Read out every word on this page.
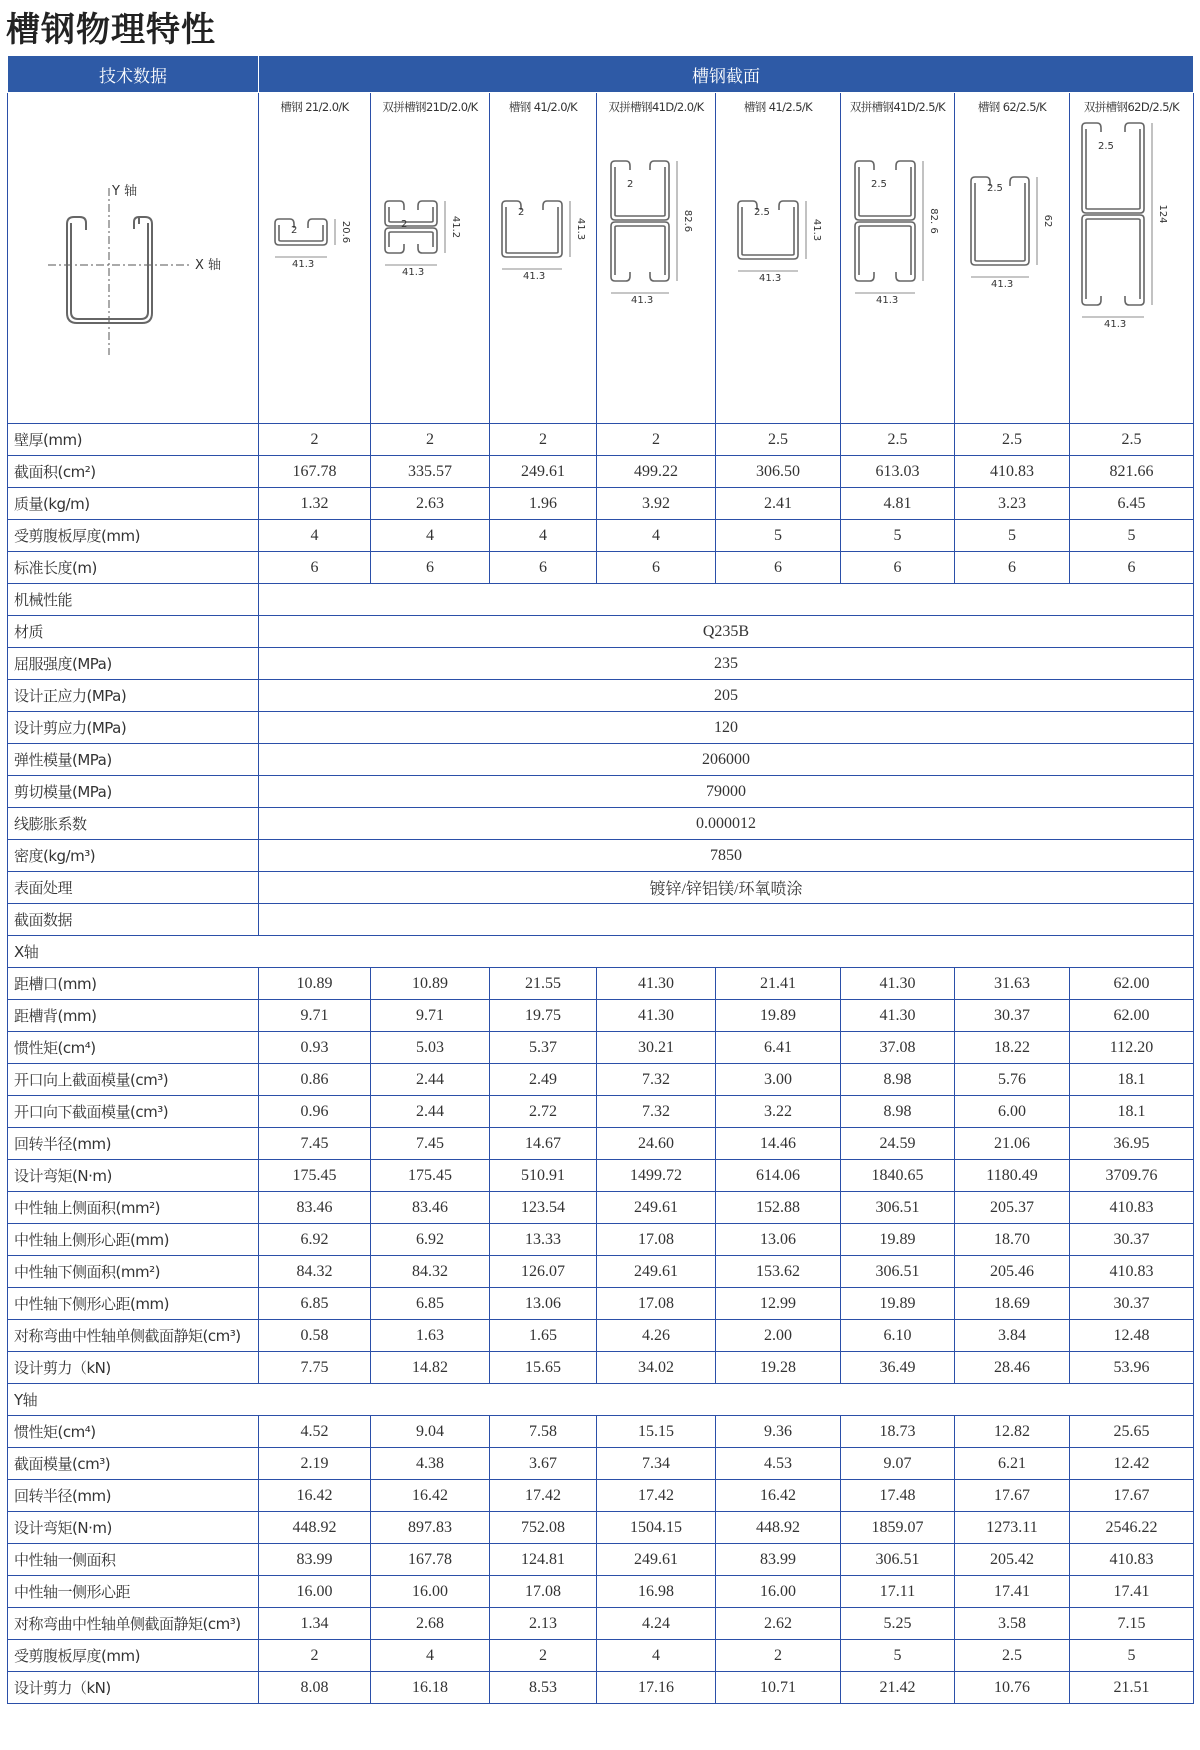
槽钢物理特性
技术数据	槽钢截面							

Y 轴
X 轴	槽钢 21/2.0/K
2
41.3
20.6	双拼槽钢21D/2.0/K
2
41.3
41.2	槽钢 41/2.0/K
2
41.3
41.3	双拼槽钢41D/2.0/K
2
41.3
82.6	槽钢 41/2.5/K
2.5
41.3
41.3	双拼槽钢41D/2.5/K
2.5
41.3
82. 6	槽钢 62/2.5/K
2.5
41.3
62	双拼槽钢62D/2.5/K
2.5
41.3
124

壁厚(mm)	2	2	2	2	2.5	2.5	2.5	2.5
截面积(cm²)	167.78	335.57	249.61	499.22	306.50	613.03	410.83	821.66
质量(kg/m)	1.32	2.63	1.96	3.92	2.41	4.81	3.23	6.45
受剪腹板厚度(mm)	4	4	4	4	5	5	5	5
标准长度(m)	6	6	6	6	6	6	6	6
机械性能								
材质	Q235B							
屈服强度(MPa)	235							
设计正应力(MPa)	205							
设计剪应力(MPa)	120							
弹性模量(MPa)	206000							
剪切模量(MPa)	79000							
线膨胀系数	0.000012							
密度(kg/m³)	7850							
表面处理	镀锌/锌铝镁/环氧喷涂							
截面数据								
X轴								
距槽口(mm)	10.89	10.89	21.55	41.30	21.41	41.30	31.63	62.00
距槽背(mm)	9.71	9.71	19.75	41.30	19.89	41.30	30.37	62.00
惯性矩(cm⁴)	0.93	5.03	5.37	30.21	6.41	37.08	18.22	112.20
开口向上截面模量(cm³)	0.86	2.44	2.49	7.32	3.00	8.98	5.76	18.1
开口向下截面模量(cm³)	0.96	2.44	2.72	7.32	3.22	8.98	6.00	18.1
回转半径(mm)	7.45	7.45	14.67	24.60	14.46	24.59	21.06	36.95
设计弯矩(N·m)	175.45	175.45	510.91	1499.72	614.06	1840.65	1180.49	3709.76
中性轴上侧面积(mm²)	83.46	83.46	123.54	249.61	152.88	306.51	205.37	410.83
中性轴上侧形心距(mm)	6.92	6.92	13.33	17.08	13.06	19.89	18.70	30.37
中性轴下侧面积(mm²)	84.32	84.32	126.07	249.61	153.62	306.51	205.46	410.83
中性轴下侧形心距(mm)	6.85	6.85	13.06	17.08	12.99	19.89	18.69	30.37
对称弯曲中性轴单侧截面静矩(cm³)	0.58	1.63	1.65	4.26	2.00	6.10	3.84	12.48
设计剪力（kN)	7.75	14.82	15.65	34.02	19.28	36.49	28.46	53.96
Y轴								
惯性矩(cm⁴)	4.52	9.04	7.58	15.15	9.36	18.73	12.82	25.65
截面模量(cm³)	2.19	4.38	3.67	7.34	4.53	9.07	6.21	12.42
回转半径(mm)	16.42	16.42	17.42	17.42	16.42	17.48	17.67	17.67
设计弯矩(N·m)	448.92	897.83	752.08	1504.15	448.92	1859.07	1273.11	2546.22
中性轴一侧面积	83.99	167.78	124.81	249.61	83.99	306.51	205.42	410.83
中性轴一侧形心距	16.00	16.00	17.08	16.98	16.00	17.11	17.41	17.41
对称弯曲中性轴单侧截面静矩(cm³)	1.34	2.68	2.13	4.24	2.62	5.25	3.58	7.15
受剪腹板厚度(mm)	2	4	2	4	2	5	2.5	5
设计剪力（kN)	8.08	16.18	8.53	17.16	10.71	21.42	10.76	21.51
